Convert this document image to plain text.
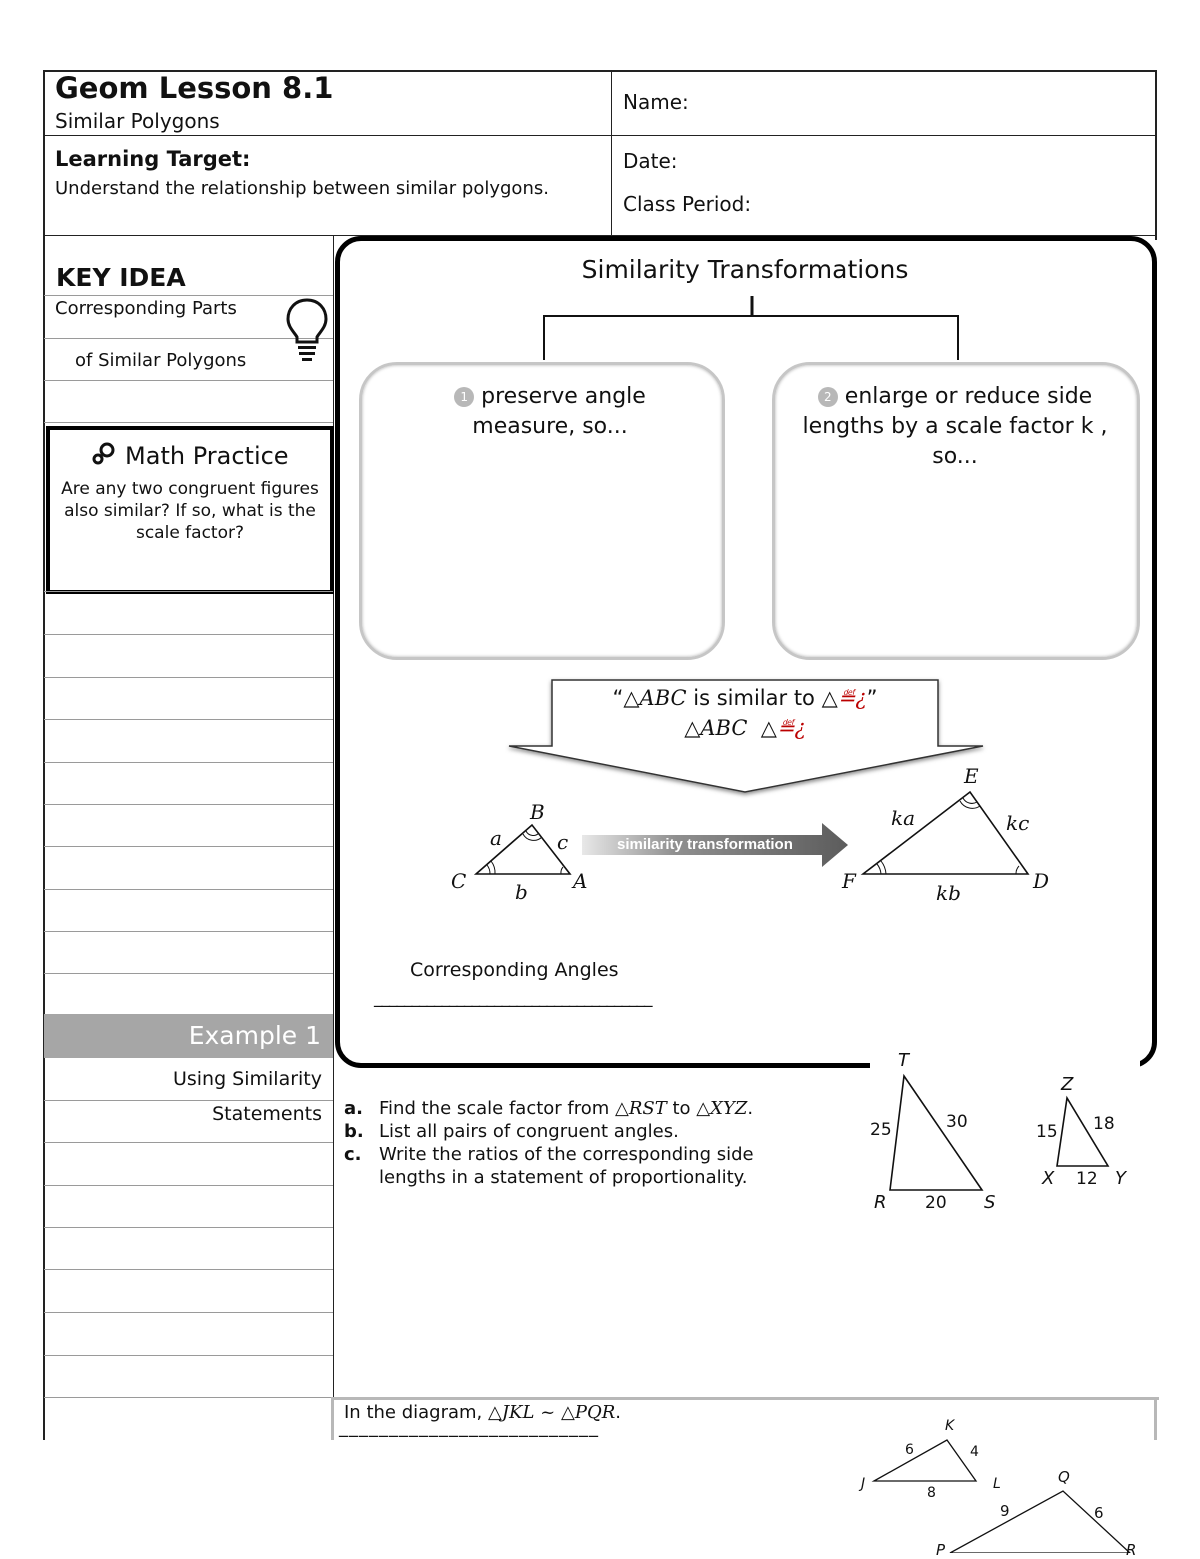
Geom Lesson 8.1
Similar Polygons
Name:
Learning Target:
Understand the relationship between similar polygons.
Date:
Class Period:
KEY IDEA
Corresponding Parts
of Similar Polygons
Math Practice
Are any two congruent figures also similar? If so, what is the scale factor?
Example 1
Using Similarity
Statements
Similarity Transformations
1 preserve angle measure, so...
2 enlarge or reduce side lengths by a scale factor k , so...
“△ABC is similar to △≝¿”
△ABC △≝¿
a	c
b
B
C	A
similarity transformation
E
ka	kc
kb
F	D
Corresponding Angles
_____________________________________
a. Find the scale factor from △RST to △XYZ.
b. List all pairs of congruent angles.
c. Write the ratios of the corresponding side lengths in a statement of proportionality.
T
25	30
R 20 S
Z
15 18
X 12 Y
In the diagram, △JKL ~ △PQR.
__________________________	K
6	4
J
8
L	Q
9	6
P	R
